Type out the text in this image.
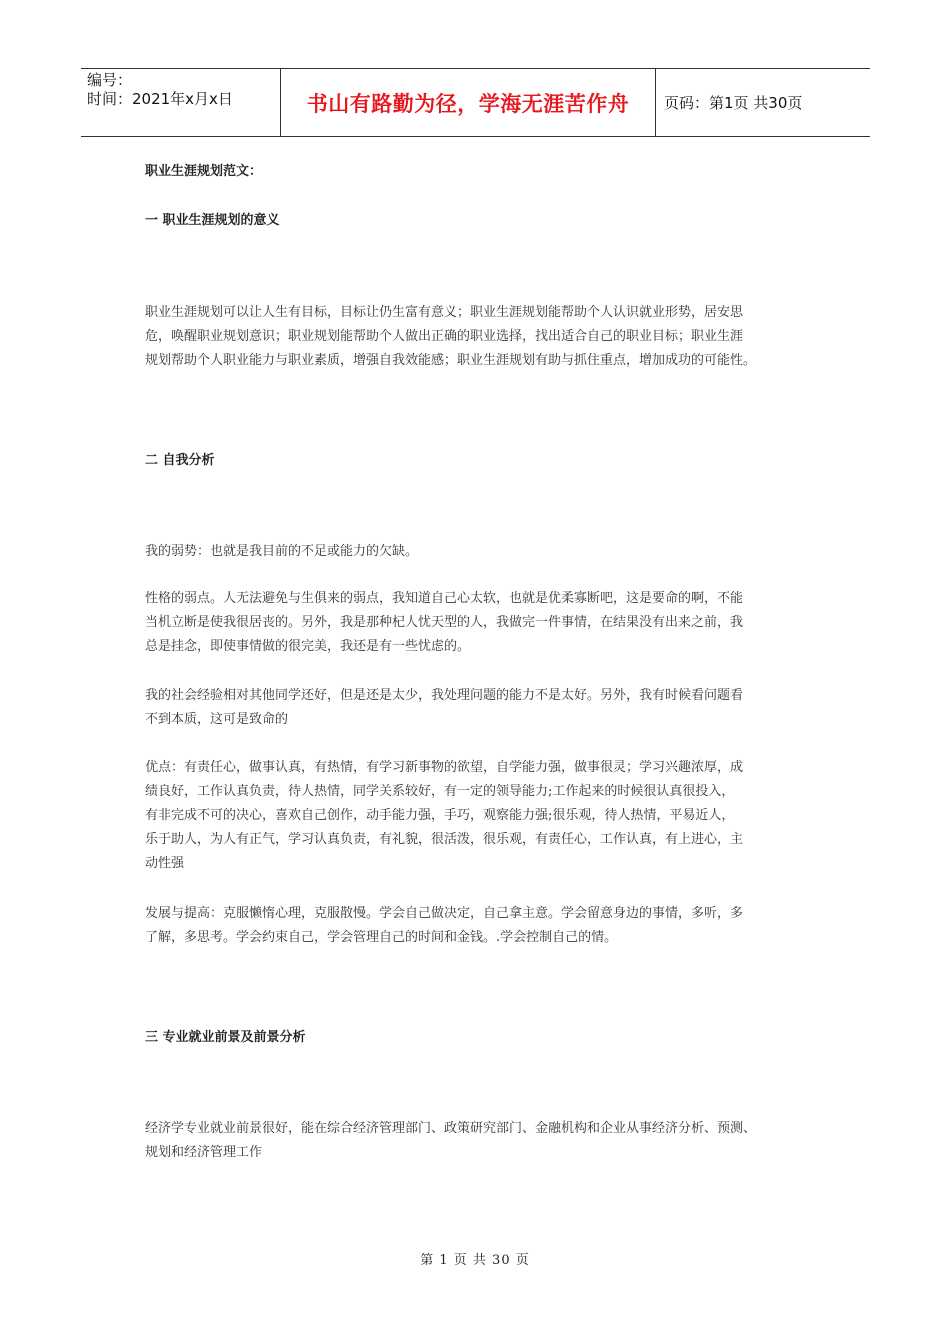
编号：
时间：2021年x月x日	书山有路勤为径，学海无涯苦作舟 页码：第1页 共30页
职业生涯规划范文：
一 职业生涯规划的意义
职业生涯规划可以让人生有目标，目标让仍生富有意义；职业生涯规划能帮助个人认识就业形势，居安思
危，唤醒职业规划意识；职业规划能帮助个人做出正确的职业选择，找出适合自己的职业目标；职业生涯
规划帮助个人职业能力与职业素质，增强自我效能感；职业生涯规划有助与抓住重点，增加成功的可能性。
二 自我分析
我的弱势：也就是我目前的不足或能力的欠缺。
性格的弱点。人无法避免与生俱来的弱点，我知道自己心太软，也就是优柔寡断吧，这是要命的啊，不能
当机立断是使我很居丧的。另外，我是那种杞人忧天型的人，我做完一件事情，在结果没有出来之前，我
总是挂念，即使事情做的很完美，我还是有一些忧虑的。
我的社会经验相对其他同学还好，但是还是太少，我处理问题的能力不是太好。另外，我有时候看问题看
不到本质，这可是致命的
优点：有责任心，做事认真，有热情，有学习新事物的欲望，自学能力强，做事很灵；学习兴趣浓厚，成
绩良好，工作认真负责，待人热情，同学关系较好，有一定的领导能力;工作起来的时候很认真很投入，
有非完成不可的决心，喜欢自己创作，动手能力强，手巧，观察能力强;很乐观，待人热情，平易近人，
乐于助人，为人有正气，学习认真负责，有礼貌，很活泼，很乐观，有责任心，工作认真，有上进心，主
动性强
发展与提高：克服懒惰心理，克服散慢。学会自己做决定，自己拿主意。学会留意身边的事情，多听，多
了解，多思考。学会约束自己，学会管理自己的时间和金钱。.学会控制自己的情。
三 专业就业前景及前景分析
经济学专业就业前景很好，能在综合经济管理部门、政策研究部门、金融机构和企业从事经济分析、预测、
规划和经济管理工作
第 1 页 共 30 页
